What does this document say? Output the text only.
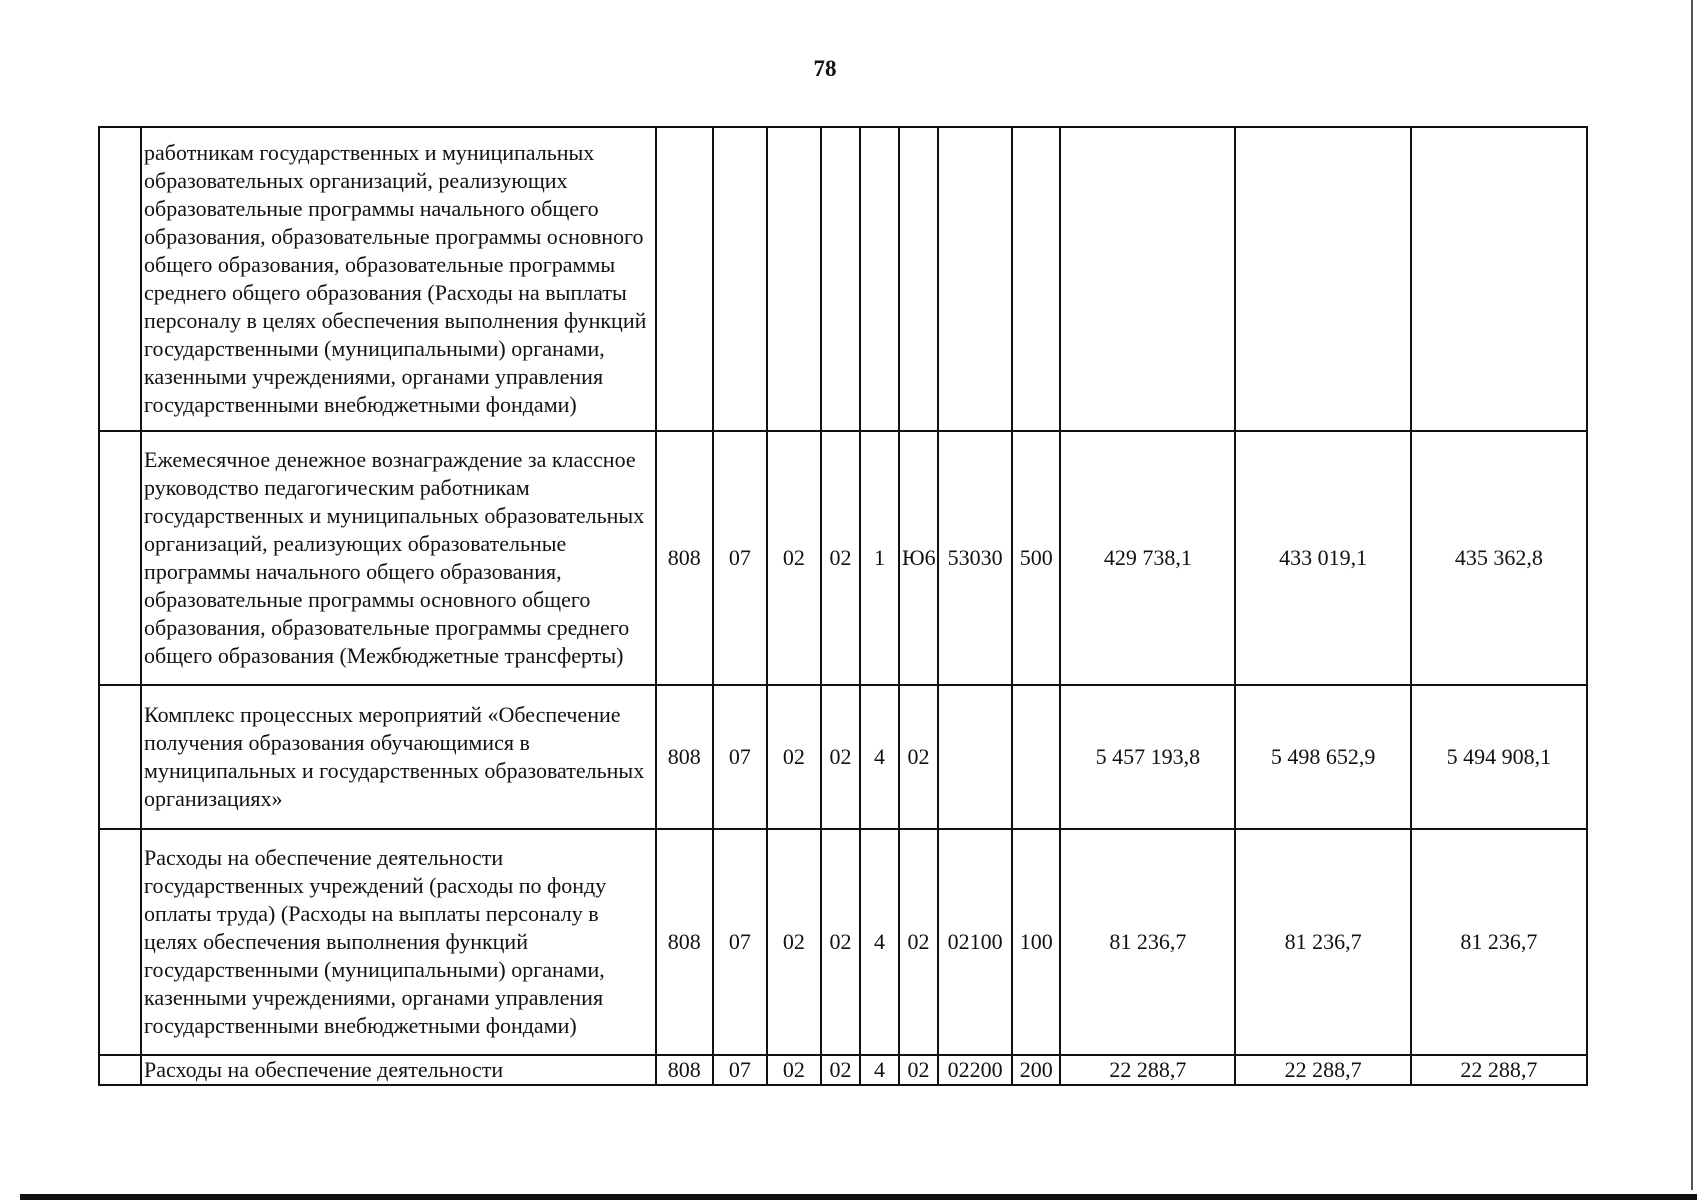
78
	работникам государственных и муниципальных образовательных организаций, реализующих образовательные программы начального общего образования, образовательные программы основного общего образования, образовательные программы среднего общего образования (Расходы на выплаты персоналу в целях обеспечения выполнения функций государственными (муниципальными) органами, казенными учреждениями, органами управления государственными внебюджетными фондами)											
	Ежемесячное денежное вознаграждение за классное руководство педагогическим работникам государственных и муниципальных образовательных организаций, реализующих образовательные программы начального общего образования, образовательные программы основного общего образования, образовательные программы среднего общего образования (Межбюджетные трансферты)	808	07	02	02	1	Ю6	53030	500	429 738,1	433 019,1	435 362,8
	Комплекс процессных мероприятий «Обеспечение получения образования обучающимися в муниципальных и государственных образовательных организациях»	808	07	02	02	4	02			5 457 193,8	5 498 652,9	5 494 908,1
	Расходы на обеспечение деятельности государственных учреждений (расходы по фонду оплаты труда) (Расходы на выплаты персоналу в целях обеспечения выполнения функций государственными (муниципальными) органами, казенными учреждениями, органами управления государственными внебюджетными фондами)	808	07	02	02	4	02	02100	100	81 236,7	81 236,7	81 236,7
	Расходы на обеспечение деятельности	808	07	02	02	4	02	02200	200	22 288,7	22 288,7	22 288,7
